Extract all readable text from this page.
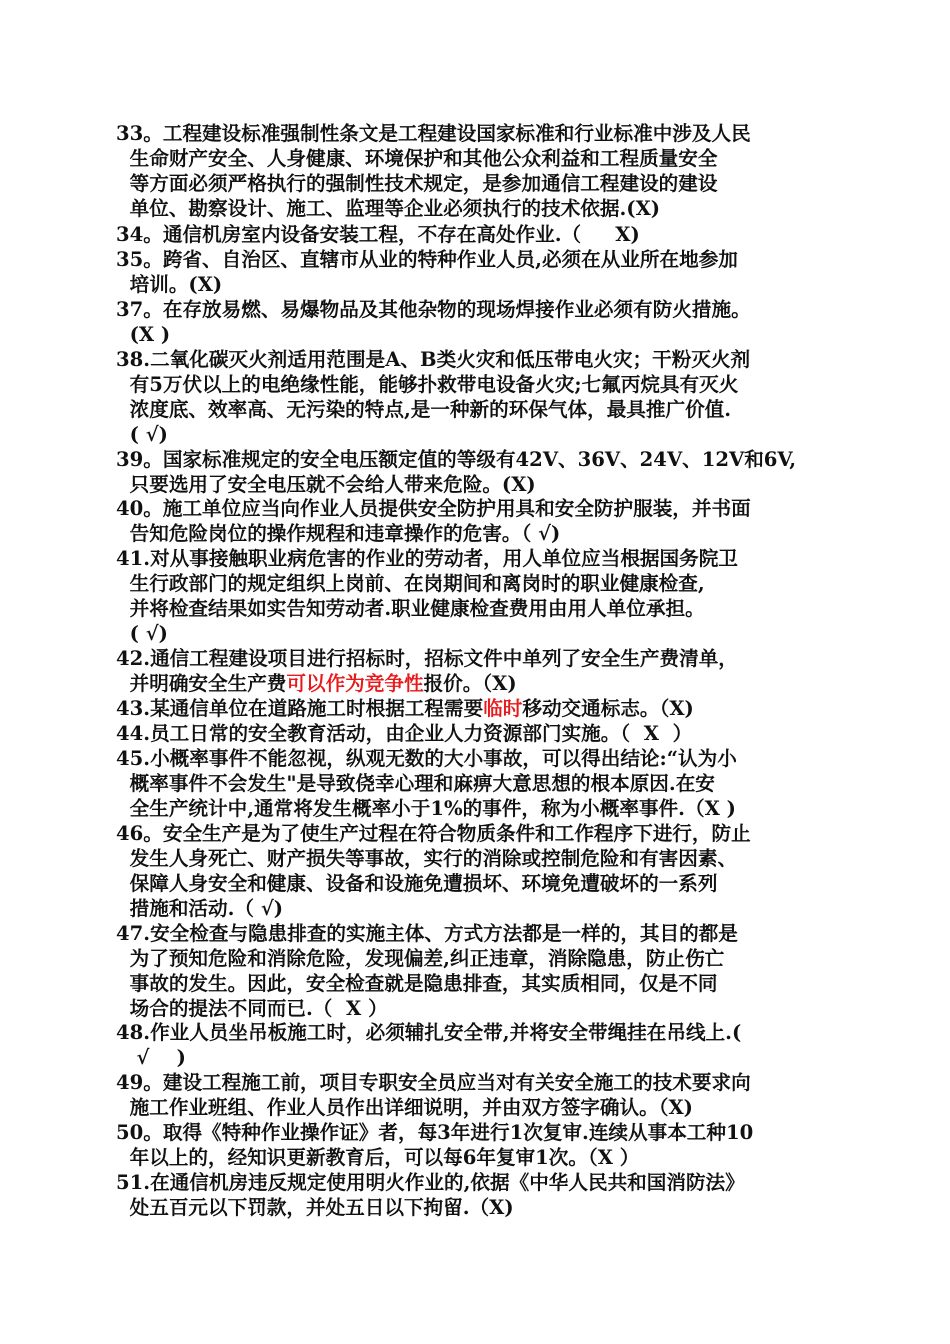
33。工程建设标准强制性条文是工程建设国家标准和行业标准中涉及人民
生命财产安全、人身健康、环境保护和其他公众利益和工程质量安全
等方面必须严格执行的强制性技术规定，是参加通信工程建设的建设
单位、勘察设计、施工、监理等企业必须执行的技术依据.(X)
34。通信机房室内设备安装工程，不存在高处作业.（     X)
35。跨省、自治区、直辖市从业的特种作业人员,必须在从业所在地参加
培训。(X)
37。在存放易燃、易爆物品及其他杂物的现场焊接作业必须有防火措施。
(X )
38.二氧化碳灭火剂适用范围是A、B类火灾和低压带电火灾；干粉灭火剂
有5万伏以上的电绝缘性能，能够扑救带电设备火灾;七氟丙烷具有灭火
浓度底、效率高、无污染的特点,是一种新的环保气体，最具推广价值.
( √)
39。国家标准规定的安全电压额定值的等级有42V、36V、24V、12V和6V,
只要选用了安全电压就不会给人带来危险。(X)
40。施工单位应当向作业人员提供安全防护用具和安全防护服装，并书面
告知危险岗位的操作规程和违章操作的危害。（ √)
41.对从事接触职业病危害的作业的劳动者，用人单位应当根据国务院卫
生行政部门的规定组织上岗前、在岗期间和离岗时的职业健康检查,
并将检查结果如实告知劳动者.职业健康检查费用由用人单位承担。
( √)
42.通信工程建设项目进行招标时，招标文件中单列了安全生产费清单，
并明确安全生产费可以作为竞争性报价。（X)
43.某通信单位在道路施工时根据工程需要临时移动交通标志。（X)
44.员工日常的安全教育活动，由企业人力资源部门实施。（  X  ）
45.小概率事件不能忽视，纵观无数的大小事故，可以得出结论:“认为小
概率事件不会发生"是导致侥幸心理和麻痹大意思想的根本原因.在安
全生产统计中,通常将发生概率小于1%的事件，称为小概率事件.（X )
46。安全生产是为了使生产过程在符合物质条件和工作程序下进行，防止
发生人身死亡、财产损失等事故，实行的消除或控制危险和有害因素、
保障人身安全和健康、设备和设施免遭损坏、环境免遭破坏的一系列
措施和活动.（ √)
47.安全检查与隐患排查的实施主体、方式方法都是一样的，其目的都是
为了预知危险和消除危险，发现偏差,纠正违章，消除隐患，防止伤亡
事故的发生。因此，安全检查就是隐患排查，其实质相同，仅是不同
场合的提法不同而已.（  X ）
48.作业人员坐吊板施工时，必须辅扎安全带,并将安全带绳挂在吊线上.(
√    )
49。建设工程施工前，项目专职安全员应当对有关安全施工的技术要求向
施工作业班组、作业人员作出详细说明，并由双方签字确认。（X)
50。取得《特种作业操作证》者，每3年进行1次复审.连续从事本工种10
年以上的，经知识更新教育后，可以每6年复审1次。（X ）
51.在通信机房违反规定使用明火作业的,依据《中华人民共和国消防法》
处五百元以下罚款，并处五日以下拘留.（X)
